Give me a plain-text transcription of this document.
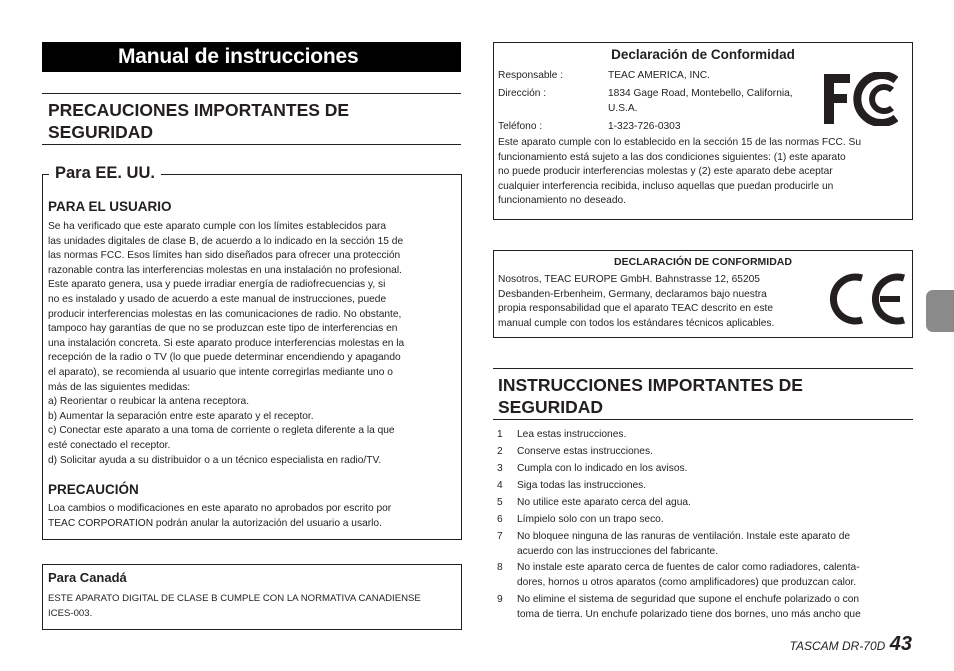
Manual de instrucciones
PRECAUCIONES IMPORTANTES DE SEGURIDAD
Para EE. UU.
PARA EL USUARIO

Se ha verificado que este aparato cumple con los límites establecidos para

las unidades digitales de clase B, de acuerdo a lo indicado en la sección 15 de

las normas FCC. Esos límites han sido diseñados para ofrecer una protección

razonable contra las interferencias molestas en una instalación no profesional.

Este aparato genera, usa y puede irradiar energía de radiofrecuencias y, si

no es instalado y usado de acuerdo a este manual de instrucciones, puede

producir interferencias molestas en las comunicaciones de radio. No obstante,

tampoco hay garantías de que no se produzcan este tipo de interferencias en

una instalación concreta. Si este aparato produce interferencias molestas en la

recepción de la radio o TV (lo que puede determinar encendiendo y apagando

el aparato), se recomienda al usuario que intente corregirlas mediante uno o

más de las siguientes medidas:

a) Reorientar o reubicar la antena receptora.

b) Aumentar la separación entre este aparato y el receptor.

c) Conectar este aparato a una toma de corriente o regleta diferente a la que

esté conectado el receptor.

d) Solicitar ayuda a su distribuidor o a un técnico especialista en radio/TV.

PRECAUCIÓN

Loa cambios o modificaciones en este aparato no aprobados por escrito por

TEAC CORPORATION podrán anular la autorización del usuario a usarlo.

Para Canadá

ESTE APARATO DIGITAL DE CLASE B CUMPLE CON LA NORMATIVA CANADIENSE

ICES-003.

Declaración de Conformidad
Responsable :	TEAC AMERICA, INC.
Dirección :	1834 Gage Road, Montebello, California,
U.S.A.
Teléfono :	1-323-726-0303

Este aparato cumple con lo establecido en la sección 15 de las normas FCC. Su

funcionamiento está sujeto a las dos condiciones siguientes: (1) este aparato

no puede producir interferencias molestas y (2) este aparato debe aceptar

cualquier interferencia recibida, incluso aquellas que puedan producirle un

funcionamiento no deseado.

DECLARACIÓN DE CONFORMIDAD

Nosotros, TEAC EUROPE GmbH. Bahnstrasse 12, 65205

Desbanden-Erbenheim, Germany, declaramos bajo nuestra

propia responsabilidad que el aparato TEAC descrito en este

manual cumple con todos los estándares técnicos aplicables.

INSTRUCCIONES IMPORTANTES DE SEGURIDAD
1	Lea estas instrucciones.

2	Conserve estas instrucciones.

3	Cumpla con lo indicado en los avisos.

4	Siga todas las instrucciones.

5	No utilice este aparato cerca del agua.

6	Límpielo solo con un trapo seco.

7	No bloquee ninguna de las ranuras de ventilación. Instale este aparato de

acuerdo con las instrucciones del fabricante.

8	No instale este aparato cerca de fuentes de calor como radiadores, calenta-

dores, hornos u otros aparatos (como amplificadores) que produzcan calor.

9	No elimine el sistema de seguridad que supone el enchufe polarizado o con

toma de tierra. Un enchufe polarizado tiene dos bornes, uno más ancho que

TASCAM DR-70D 43
